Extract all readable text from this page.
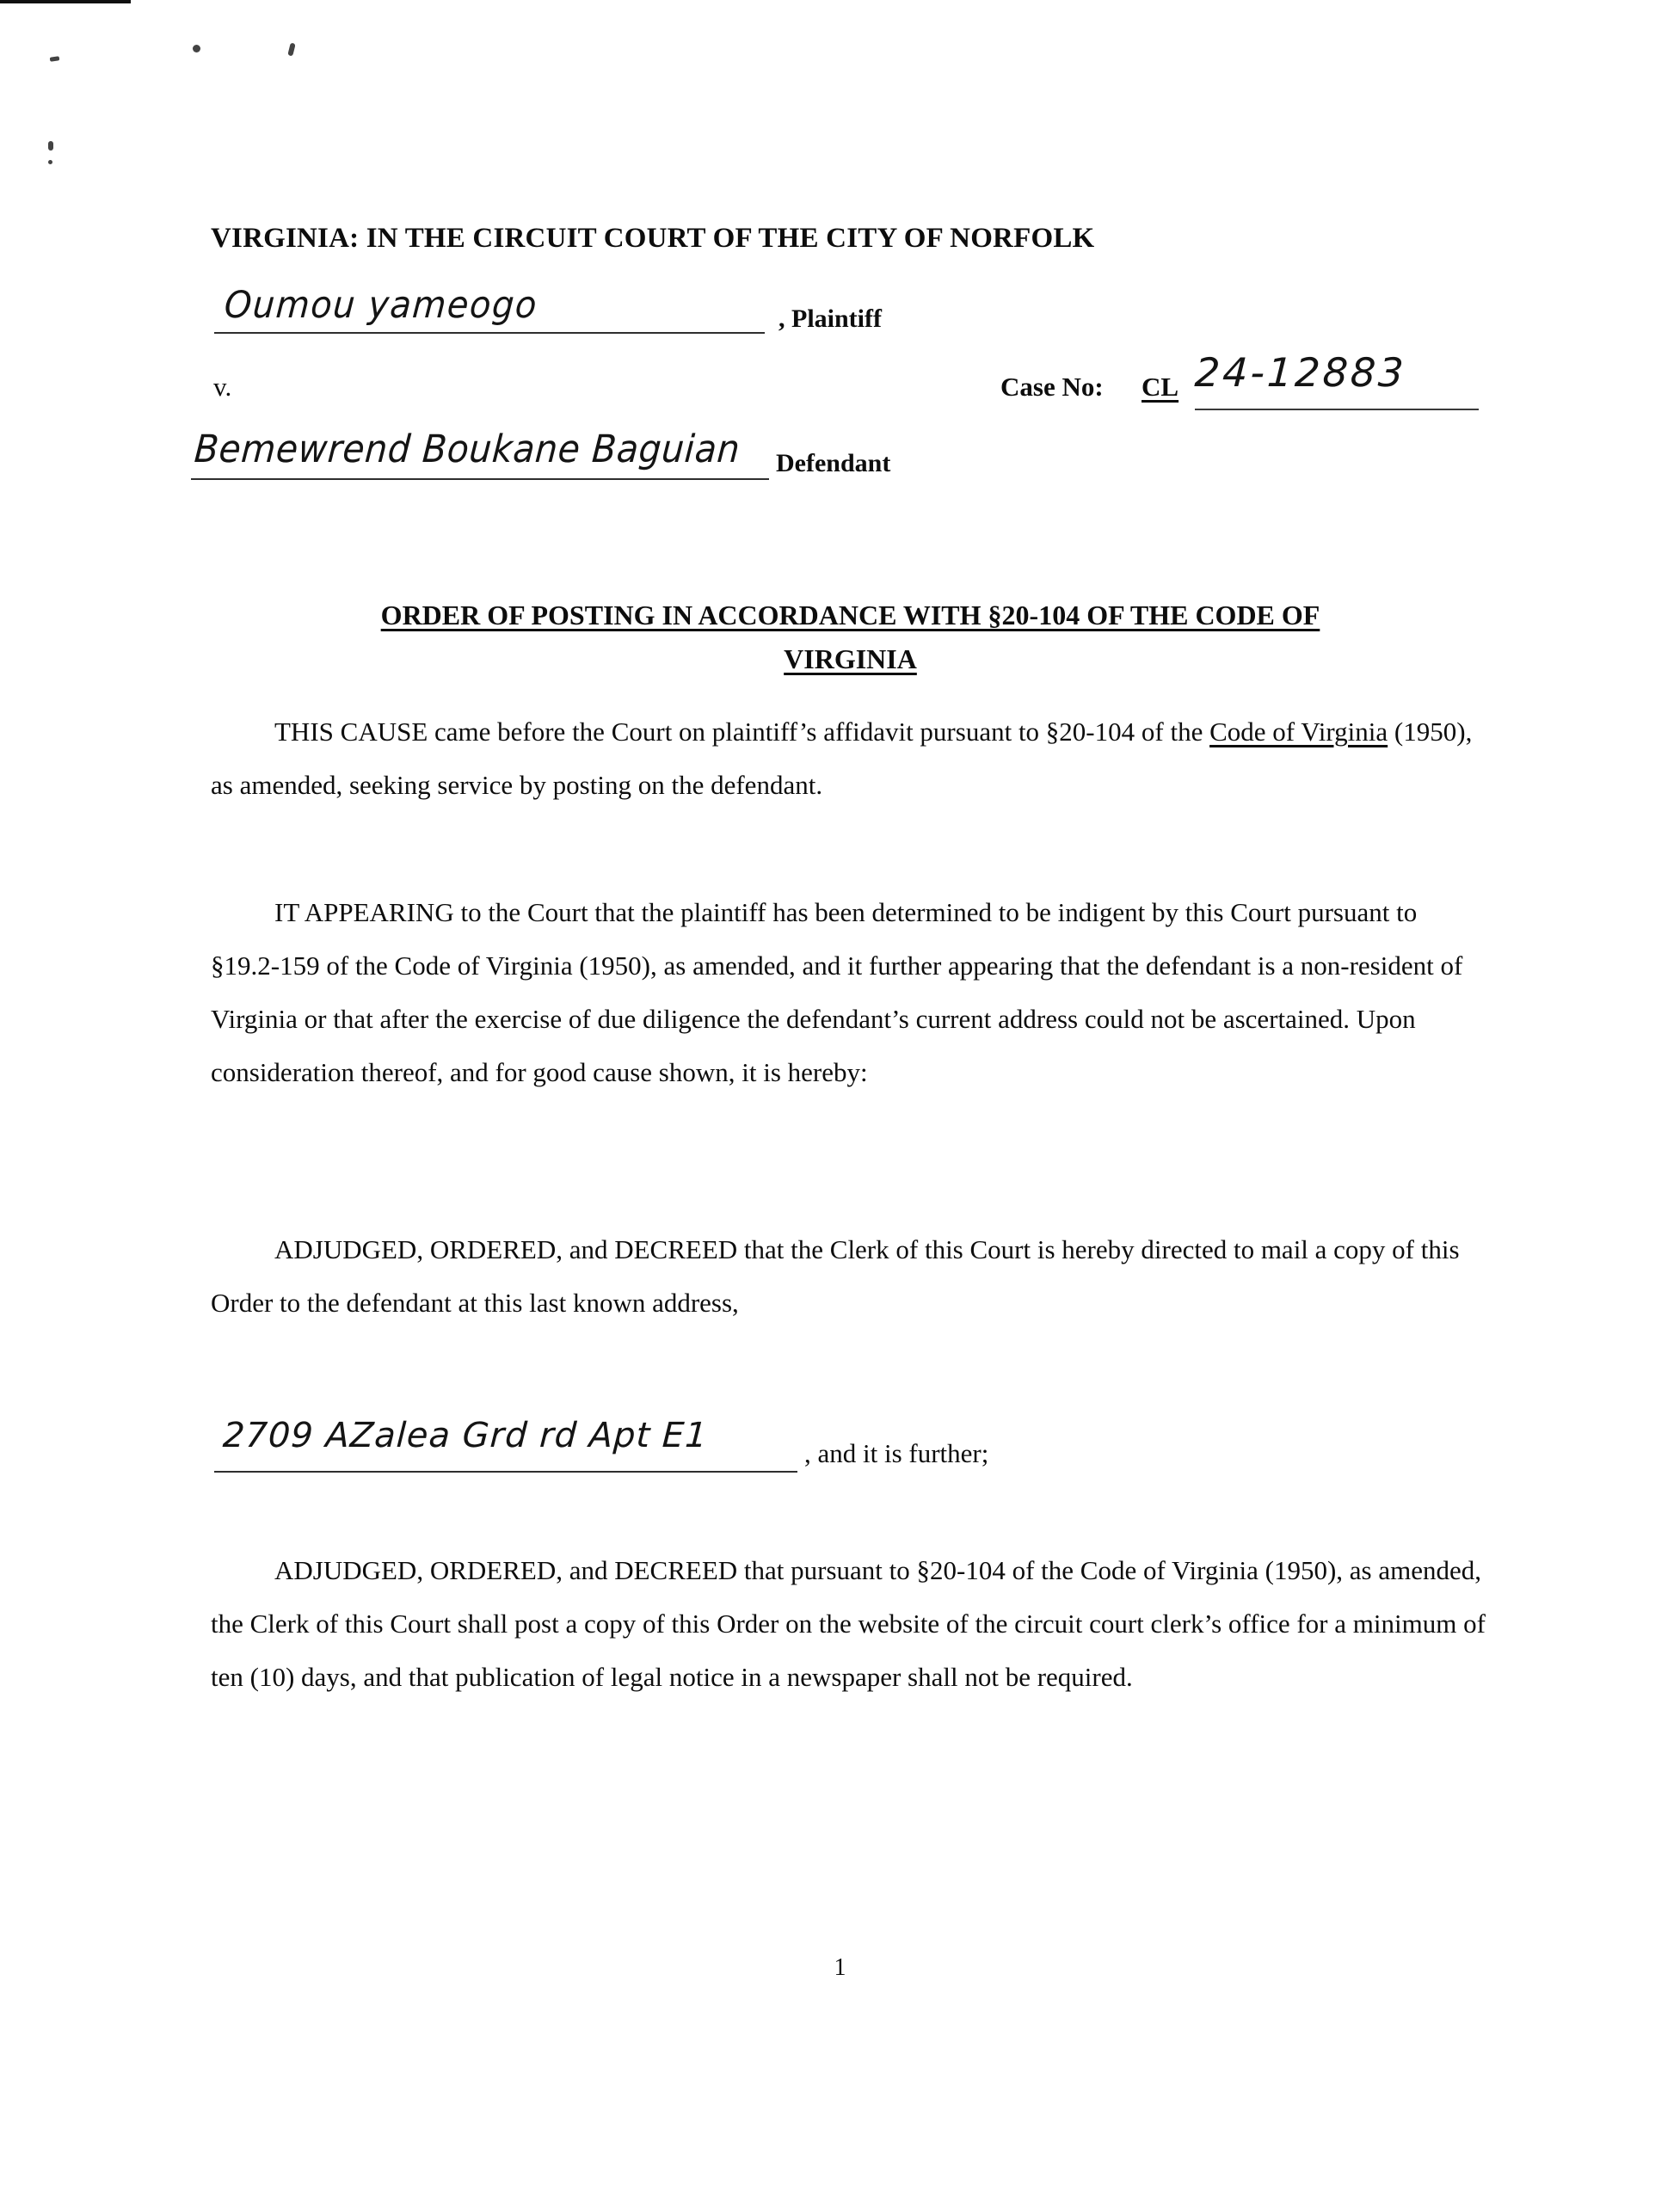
VIRGINIA: IN THE CIRCUIT COURT OF THE CITY OF NORFOLK
Oumou yameogo	, Plaintiff
v.	Case No: CL 24-12883
Bemewrend Boukane Baguian Defendant
ORDER OF POSTING IN ACCORDANCE WITH §20-104 OF THE CODE OF
VIRGINIA
THIS CAUSE came before the Court on plaintiff’s affidavit pursuant to §20-104 of the Code of Virginia (1950), as amended, seeking service by posting on the defendant.
IT APPEARING to the Court that the plaintiff has been determined to be indigent by this Court pursuant to §19.2-159 of the Code of Virginia (1950), as amended, and it further appearing that the defendant is a non-resident of Virginia or that after the exercise of due diligence the defendant’s current address could not be ascertained. Upon consideration thereof, and for good cause shown, it is hereby:
ADJUDGED, ORDERED, and DECREED that the Clerk of this Court is hereby directed to mail a copy of this Order to the defendant at this last known address,
2709 AZalea Grd rd Apt E1	, and it is further;
ADJUDGED, ORDERED, and DECREED that pursuant to §20-104 of the Code of Virginia (1950), as amended, the Clerk of this Court shall post a copy of this Order on the website of the circuit court clerk’s office for a minimum of ten (10) days, and that publication of legal notice in a newspaper shall not be required.
1
